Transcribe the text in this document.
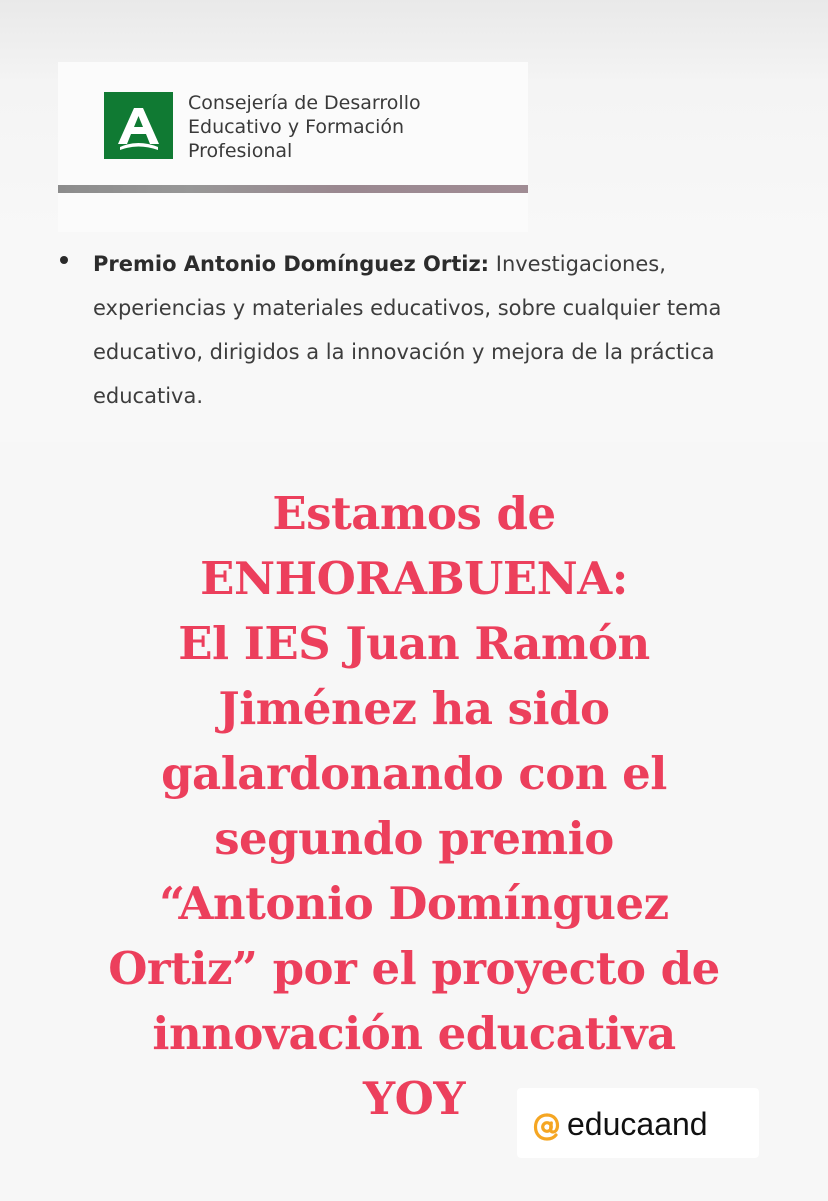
Consejería de Desarrollo
Educativo y Formación
Profesional

Premio Antonio Domínguez Ortiz: Investigaciones, experiencias y materiales educativos, sobre cualquier tema educativo, dirigidos a la innovación y mejora de la práctica educativa.

Estamos de
ENHORABUENA:
El IES Juan Ramón
Jiménez ha sido
galardonando con el
segundo premio
“Antonio Domínguez
Ortiz” por el proyecto de
innovación educativa
YOY	educaand
